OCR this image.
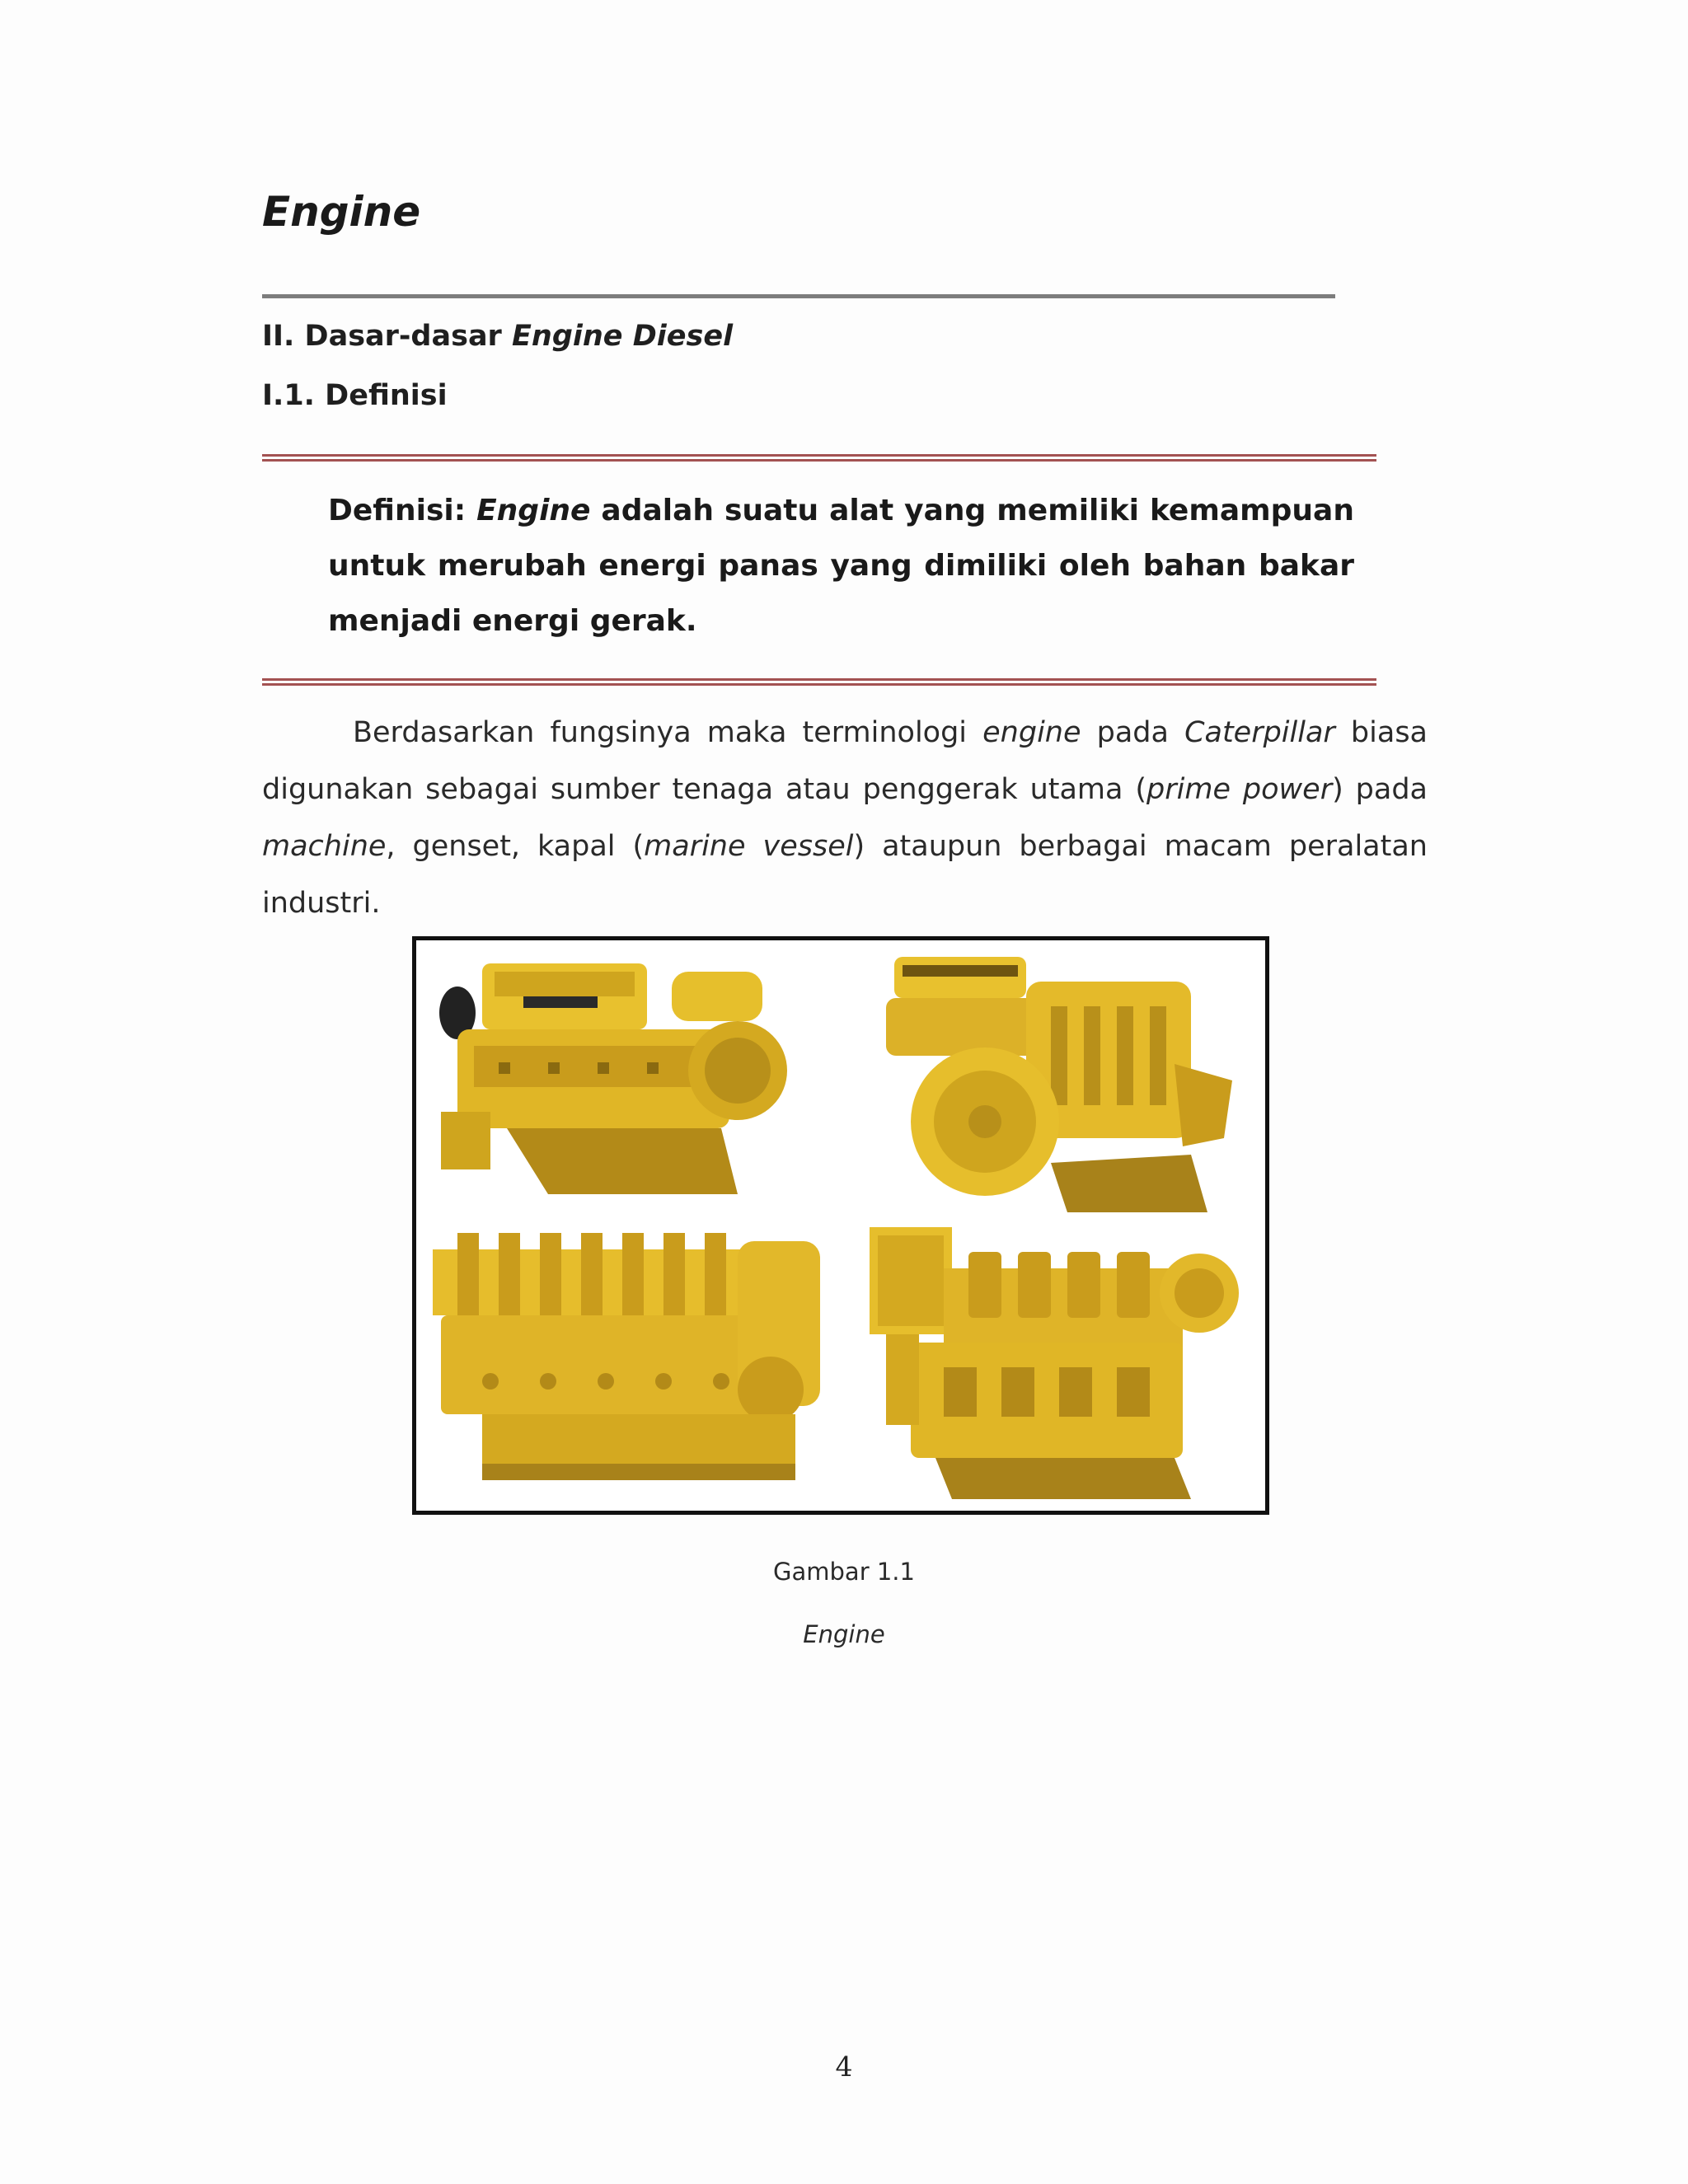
Engine
II. Dasar-dasar Engine Diesel
I.1. Definisi
Definisi: Engine adalah suatu alat yang memiliki kemampuan untuk merubah energi panas yang dimiliki oleh bahan bakar menjadi energi gerak.
Berdasarkan fungsinya maka terminologi engine pada Caterpillar biasa digunakan sebagai sumber tenaga atau penggerak utama (prime power) pada machine, genset, kapal (marine vessel) ataupun berbagai macam peralatan industri.
Gambar 1.1
Engine
4
